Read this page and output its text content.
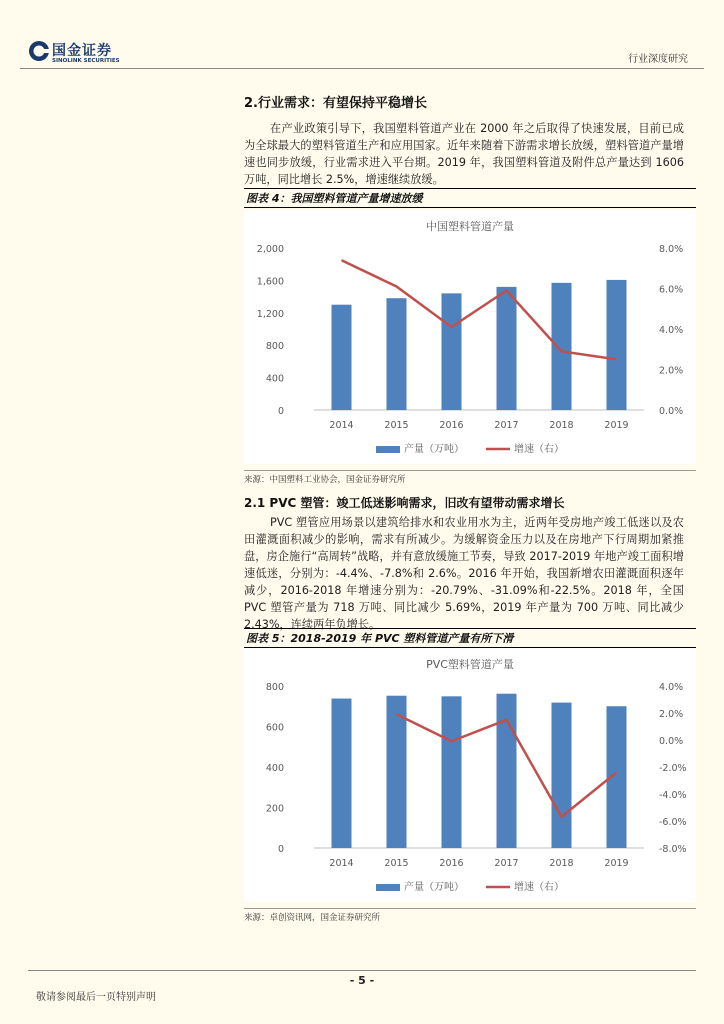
国金证券
SINOLINK SECURITIES	行业深度研究
2.行业需求：有望保持平稳增长
在产业政策引导下，我国塑料管道产业在 2000 年之后取得了快速发展，目前已成为全球最大的塑料管道生产和应用国家。近年来随着下游需求增长放缓，塑料管道产量增速也同步放缓，行业需求进入平台期。2019 年，我国塑料管道及附件总产量达到 1606 万吨，同比增长 2.5%，增速继续放缓。
图表 4：我国塑料管道产量增速放缓
中国塑料管道产量
0
400
800
1,200
1,600
2,000
0.0%
2.0%
4.0%
6.0%
8.0%
2014	2015	2016	2017	2018	2019
产量（万吨）	增速（右）
来源：中国塑料工业协会，国金证券研究所
2.1 PVC 塑管：竣工低迷影响需求，旧改有望带动需求增长
PVC 塑管应用场景以建筑给排水和农业用水为主，近两年受房地产竣工低迷以及农田灌溉面积减少的影响，需求有所减少。为缓解资金压力以及在房地产下行周期加紧推盘，房企施行“高周转”战略，并有意放缓施工节奏，导致 2017-2019 年地产竣工面积增速低迷，分别为：-4.4%、-7.8%和 2.6%。2016 年开始，我国新增农田灌溉面积逐年减少，2016-2018 年增速分别为：-20.79%、-31.09%和-22.5%。2018 年，全国 PVC 塑管产量为 718 万吨、同比减少 5.69%，2019 年产量为 700 万吨、同比减少 2.43%，连续两年负增长。
图表 5：2018-2019 年 PVC 塑料管道产量有所下滑
PVC塑料管道产量
0
200
400
600
800
-8.0%
-6.0%
-4.0%
-2.0%
0.0%
2.0%
4.0%
2014	2015	2016	2017	2018	2019
产量（万吨）	增速（右）
来源：卓创资讯网，国金证券研究所
- 5 -
敬请参阅最后一页特别声明
